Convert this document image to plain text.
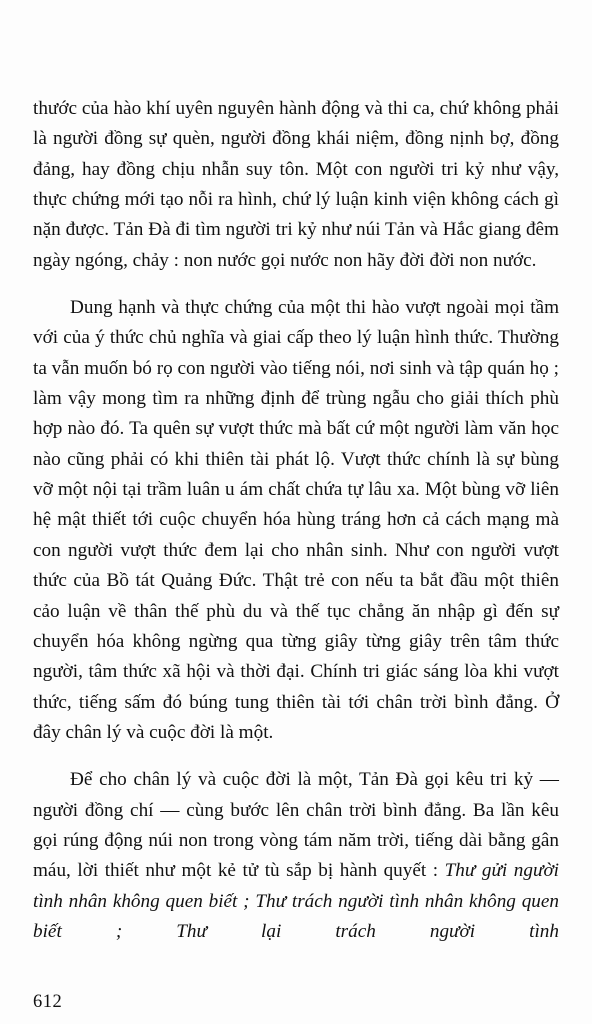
thước của hào khí uyên nguyên hành động và thi ca, chứ không phải là người đồng sự quèn, người đồng khái niệm, đồng nịnh bợ, đồng đảng, hay đồng chịu nhẫn suy tôn. Một con người tri kỷ như vậy, thực chứng mới tạo nỗi ra hình, chứ lý luận kinh viện không cách gì nặn được. Tản Đà đi tìm người tri kỷ như núi Tản và Hắc giang đêm ngày ngóng, chảy : non nước gọi nước non hãy đời đời non nước.

Dung hạnh và thực chứng của một thi hào vượt ngoài mọi tầm với của ý thức chủ nghĩa và giai cấp theo lý luận hình thức. Thường ta vẫn muốn bó rọ con người vào tiếng nói, nơi sinh và tập quán họ ; làm vậy mong tìm ra những định để trùng ngẫu cho giải thích phù hợp nào đó. Ta quên sự vượt thức mà bất cứ một người làm văn học nào cũng phải có khi thiên tài phát lộ. Vượt thức chính là sự bùng vỡ một nội tại trầm luân u ám chất chứa tự lâu xa. Một bùng vỡ liên hệ mật thiết tới cuộc chuyển hóa hùng tráng hơn cả cách mạng mà con người vượt thức đem lại cho nhân sinh. Như con người vượt thức của Bồ tát Quảng Đức. Thật trẻ con nếu ta bắt đầu một thiên cảo luận về thân thế phù du và thế tục chẳng ăn nhập gì đến sự chuyển hóa không ngừng qua từng giây từng giây trên tâm thức người, tâm thức xã hội và thời đại. Chính tri giác sáng lòa khi vượt thức, tiếng sấm đó búng tung thiên tài tới chân trời bình đẳng. Ở đây chân lý và cuộc đời là một.

Để cho chân lý và cuộc đời là một, Tản Đà gọi kêu tri kỷ — người đồng chí — cùng bước lên chân trời bình đẳng. Ba lần kêu gọi rúng động núi non trong vòng tám năm trời, tiếng dài bằng gân máu, lời thiết như một kẻ tử tù sắp bị hành quyết : Thư gửi người tình nhân không quen biết ; Thư trách người tình nhân không quen biết ; Thư lại trách người tình

612
